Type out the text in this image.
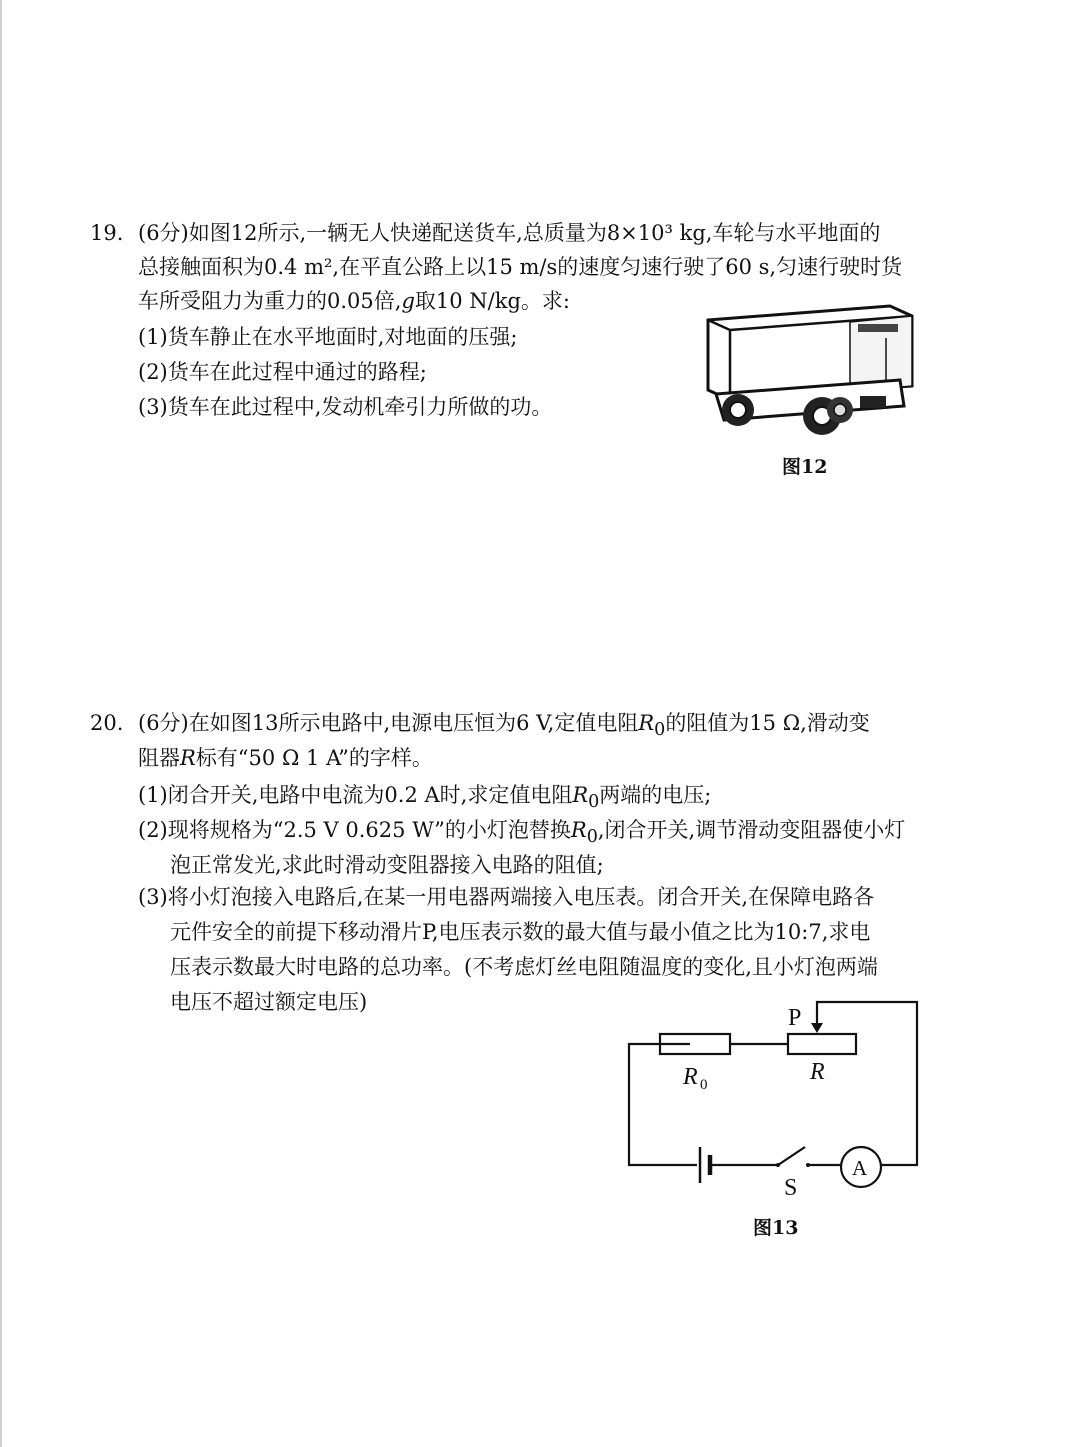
19. (6分)如图12所示,一辆无人快递配送货车,总质量为8×10³ kg,车轮与水平地面的
总接触面积为0.4 m²,在平直公路上以15 m/s的速度匀速行驶了60 s,匀速行驶时货
车所受阻力为重力的0.05倍,g取10 N/kg。求:
(1)货车静止在水平地面时,对地面的压强;
(2)货车在此过程中通过的路程;
(3)货车在此过程中,发动机牵引力所做的功。
图12
20. (6分)在如图13所示电路中,电源电压恒为6 V,定值电阻$R_0$的阻值为15 Ω,滑动变
阻器R标有“50 Ω 1 A”的字样。
(1)闭合开关,电路中电流为0.2 A时,求定值电阻$R_0$两端的电压;
(2)现将规格为“2.5 V 0.625 W”的小灯泡替换$R_0$,闭合开关,调节滑动变阻器使小灯
泡正常发光,求此时滑动变阻器接入电路的阻值;
(3)将小灯泡接入电路后,在某一用电器两端接入电压表。闭合开关,在保障电路各
元件安全的前提下移动滑片P,电压表示数的最大值与最小值之比为10:7,求电
压表示数最大时电路的总功率。(不考虑灯丝电阻随温度的变化,且小灯泡两端
电压不超过额定电压)
P
R 0	R
S
A
图13
